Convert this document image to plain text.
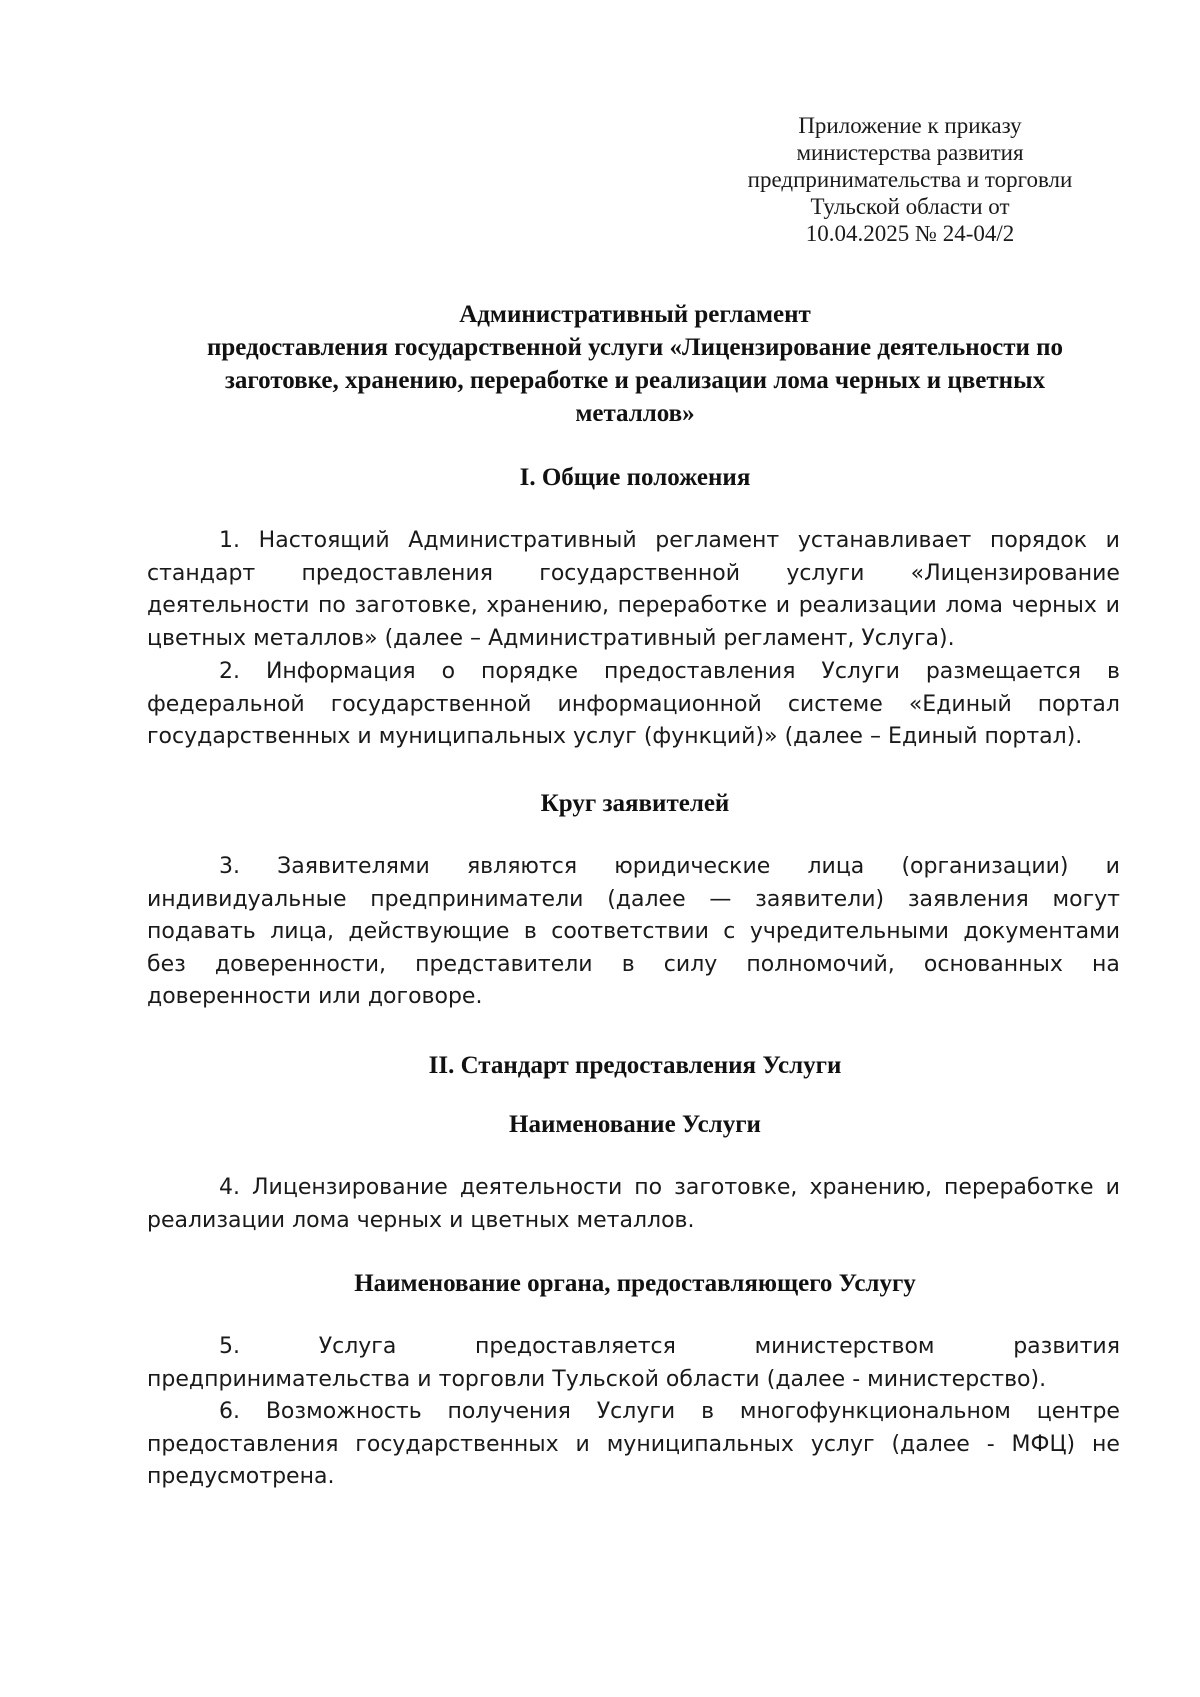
Приложение к приказу
министерства развития
предпринимательства и торговли
Тульской области от
10.04.2025 № 24-04/2
Административный регламент
предоставления государственной услуги «Лицензирование деятельности по
заготовке, хранению, переработке и реализации лома черных и цветных
металлов»
I. Общие положения
1. Настоящий Административный регламент устанавливает порядок и
стандарт предоставления государственной услуги «Лицензирование
деятельности по заготовке, хранению, переработке и реализации лома черных и
цветных металлов» (далее – Административный регламент, Услуга).
2. Информация о порядке предоставления Услуги размещается в
федеральной государственной информационной системе «Единый портал
государственных и муниципальных услуг (функций)» (далее – Единый портал).
Круг заявителей
3. Заявителями являются юридические лица (организации) и
индивидуальные предприниматели (далее — заявители) заявления могут
подавать лица, действующие в соответствии с учредительными документами
без доверенности, представители в силу полномочий, основанных на
доверенности или договоре.
II. Стандарт предоставления Услуги
Наименование Услуги
4. Лицензирование деятельности по заготовке, хранению, переработке и
реализации лома черных и цветных металлов.
Наименование органа, предоставляющего Услугу
5.	Услуга	предоставляется	министерством	развития
предпринимательства и торговли Тульской области (далее - министерство).
6. Возможность получения Услуги в многофункциональном центре
предоставления государственных и муниципальных услуг (далее - МФЦ) не
предусмотрена.
